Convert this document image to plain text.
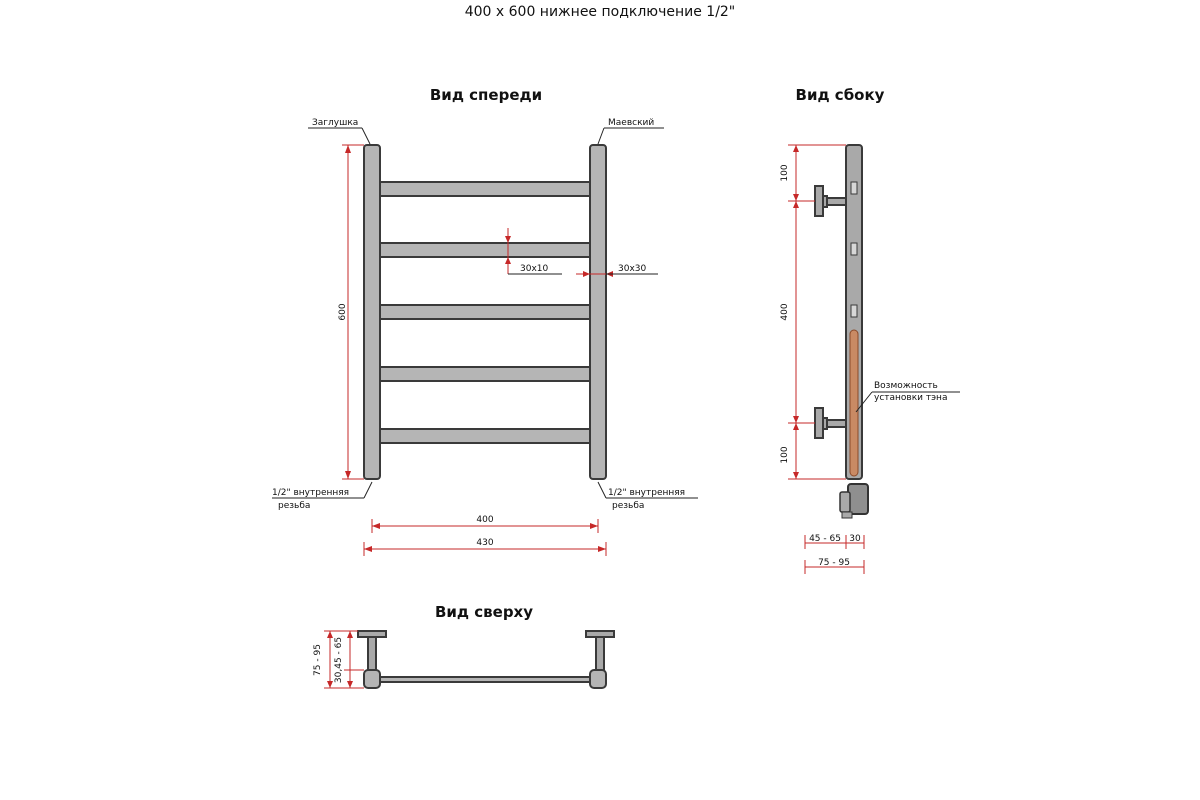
400 x 600 нижнее подключение 1/2"
Вид спереди	Вид сбоку
Вид сверху
600
30x10	30x30
Заглушка	Маевский
1/2" внутренняя
резьба
1/2" внутренняя
резьба
400
430
100
400
100
Возможность
установки тэна
45 - 65 30
75 - 95
75 - 95 30,45 - 65
